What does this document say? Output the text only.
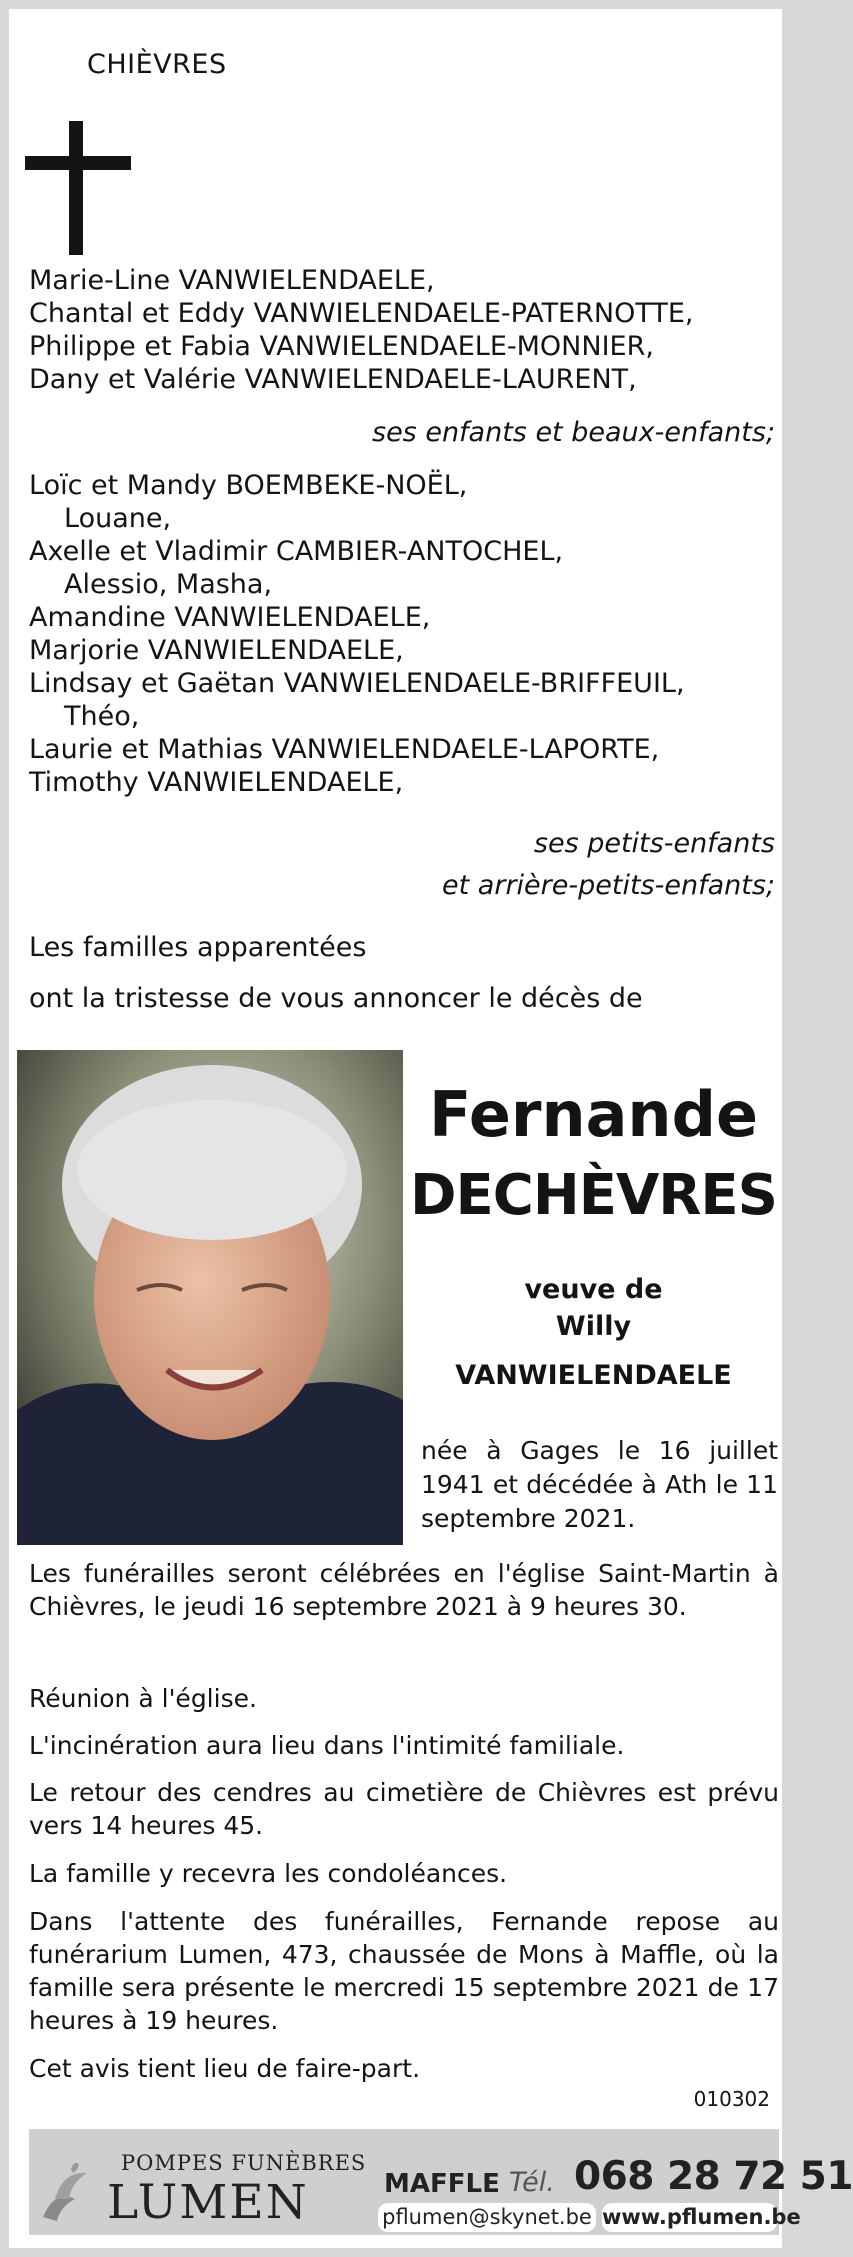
CHIÈVRES
Marie-Line VANWIELENDAELE,
Chantal et Eddy VANWIELENDAELE-PATERNOTTE,
Philippe et Fabia VANWIELENDAELE-MONNIER,
Dany et Valérie VANWIELENDAELE-LAURENT,
ses enfants et beaux-enfants;
Loïc et Mandy BOEMBEKE-NOËL,
Louane,
Axelle et Vladimir CAMBIER-ANTOCHEL,
Alessio, Masha,
Amandine VANWIELENDAELE,
Marjorie VANWIELENDAELE,
Lindsay et Gaëtan VANWIELENDAELE-BRIFFEUIL,
Théo,
Laurie et Mathias VANWIELENDAELE-LAPORTE,
Timothy VANWIELENDAELE,
ses petits-enfants
et arrière-petits-enfants;
Les familles apparentées
ont la tristesse de vous annoncer le décès de
Fernande
DECHÈVRES
veuve de
Willy
VANWIELENDAELE
née à Gages le 16 juillet 1941 et décédée à Ath le 11 septembre 2021.
Les funérailles seront célébrées en l'église Saint-Martin à Chièvres, le jeudi 16 septembre 2021 à 9 heures 30.
Réunion à l'église.
L'incinération aura lieu dans l'intimité familiale.
Le retour des cendres au cimetière de Chièvres est prévu vers 14 heures 45.
La famille y recevra les condoléances.
Dans l'attente des funérailles, Fernande repose au funérarium Lumen, 473, chaussée de Mons à Maffle, où la famille sera présente le mercredi 15 septembre 2021 de 17 heures à 19 heures.
Cet avis tient lieu de faire-part.
010302
POMPES FUNÈBRES
LUMEN	MAFFLE Tél. 068 28 72 51
pflumen@skynet.be www.pflumen.be
